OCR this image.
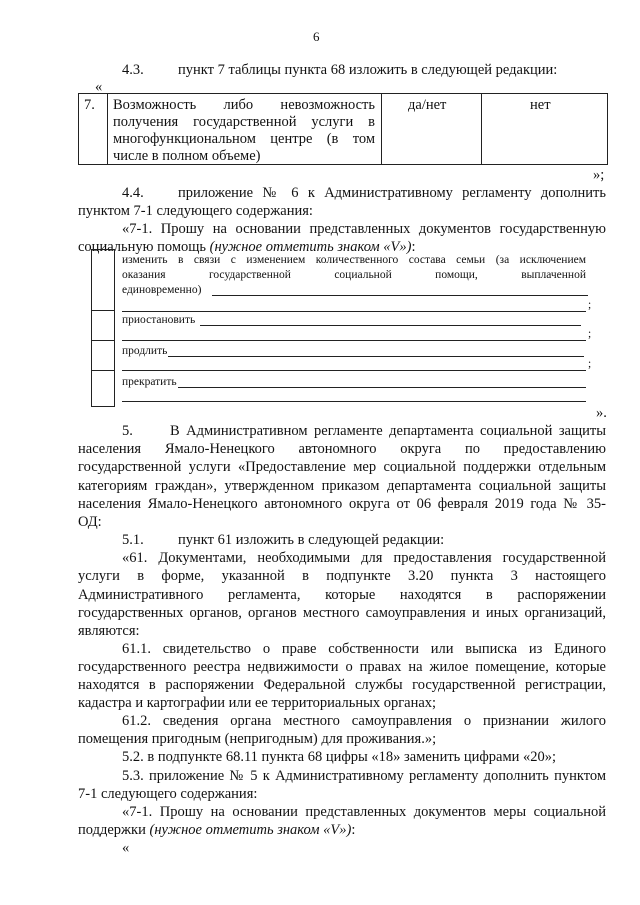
6
4.3. пункт 7 таблицы пункта 68 изложить в следующей редакции:
«
7. Возможность либо невозможность
получения государственной услуги в
многофункциональном центре (в том
числе в полном объеме)
да/нет	нет
»;
4.4. приложение № 6 к Административному регламенту дополнить
пунктом 7-1 следующего содержания:
«7-1. Прошу на основании представленных документов государственную
социальную помощь (нужное отметить знаком «V»):
изменить в связи с изменением количественного состава семьи (за исключением
оказания государственной социальной помощи, выплаченной
единовременно)
;
приостановить
;
продлить
;
прекратить
».
5.	В Административном регламенте департамента социальной защиты
населения Ямало-Ненецкого автономного округа по предоставлению
государственной услуги «Предоставление мер социальной поддержки отдельным
категориям граждан», утвержденном приказом департамента социальной защиты
населения Ямало-Ненецкого автономного округа от 06 февраля 2019 года № 35-
ОД:
5.1. пункт 61 изложить в следующей редакции:
«61. Документами, необходимыми для предоставления государственной
услуги в форме, указанной в подпункте 3.20 пункта 3 настоящего
Административного регламента, которые находятся в распоряжении
государственных органов, органов местного самоуправления и иных организаций,
являются:
61.1. свидетельство о праве собственности или выписка из Единого
государственного реестра недвижимости о правах на жилое помещение, которые
находятся в распоряжении Федеральной службы государственной регистрации,
кадастра и картографии или ее территориальных органах;
61.2. сведения органа местного самоуправления о признании жилого
помещения пригодным (непригодным) для проживания.»;
5.2. в подпункте 68.11 пункта 68 цифры «18» заменить цифрами «20»;
5.3. приложение № 5 к Административному регламенту дополнить пунктом
7-1 следующего содержания:
«7-1. Прошу на основании представленных документов меры социальной
поддержки (нужное отметить знаком «V»):
«
